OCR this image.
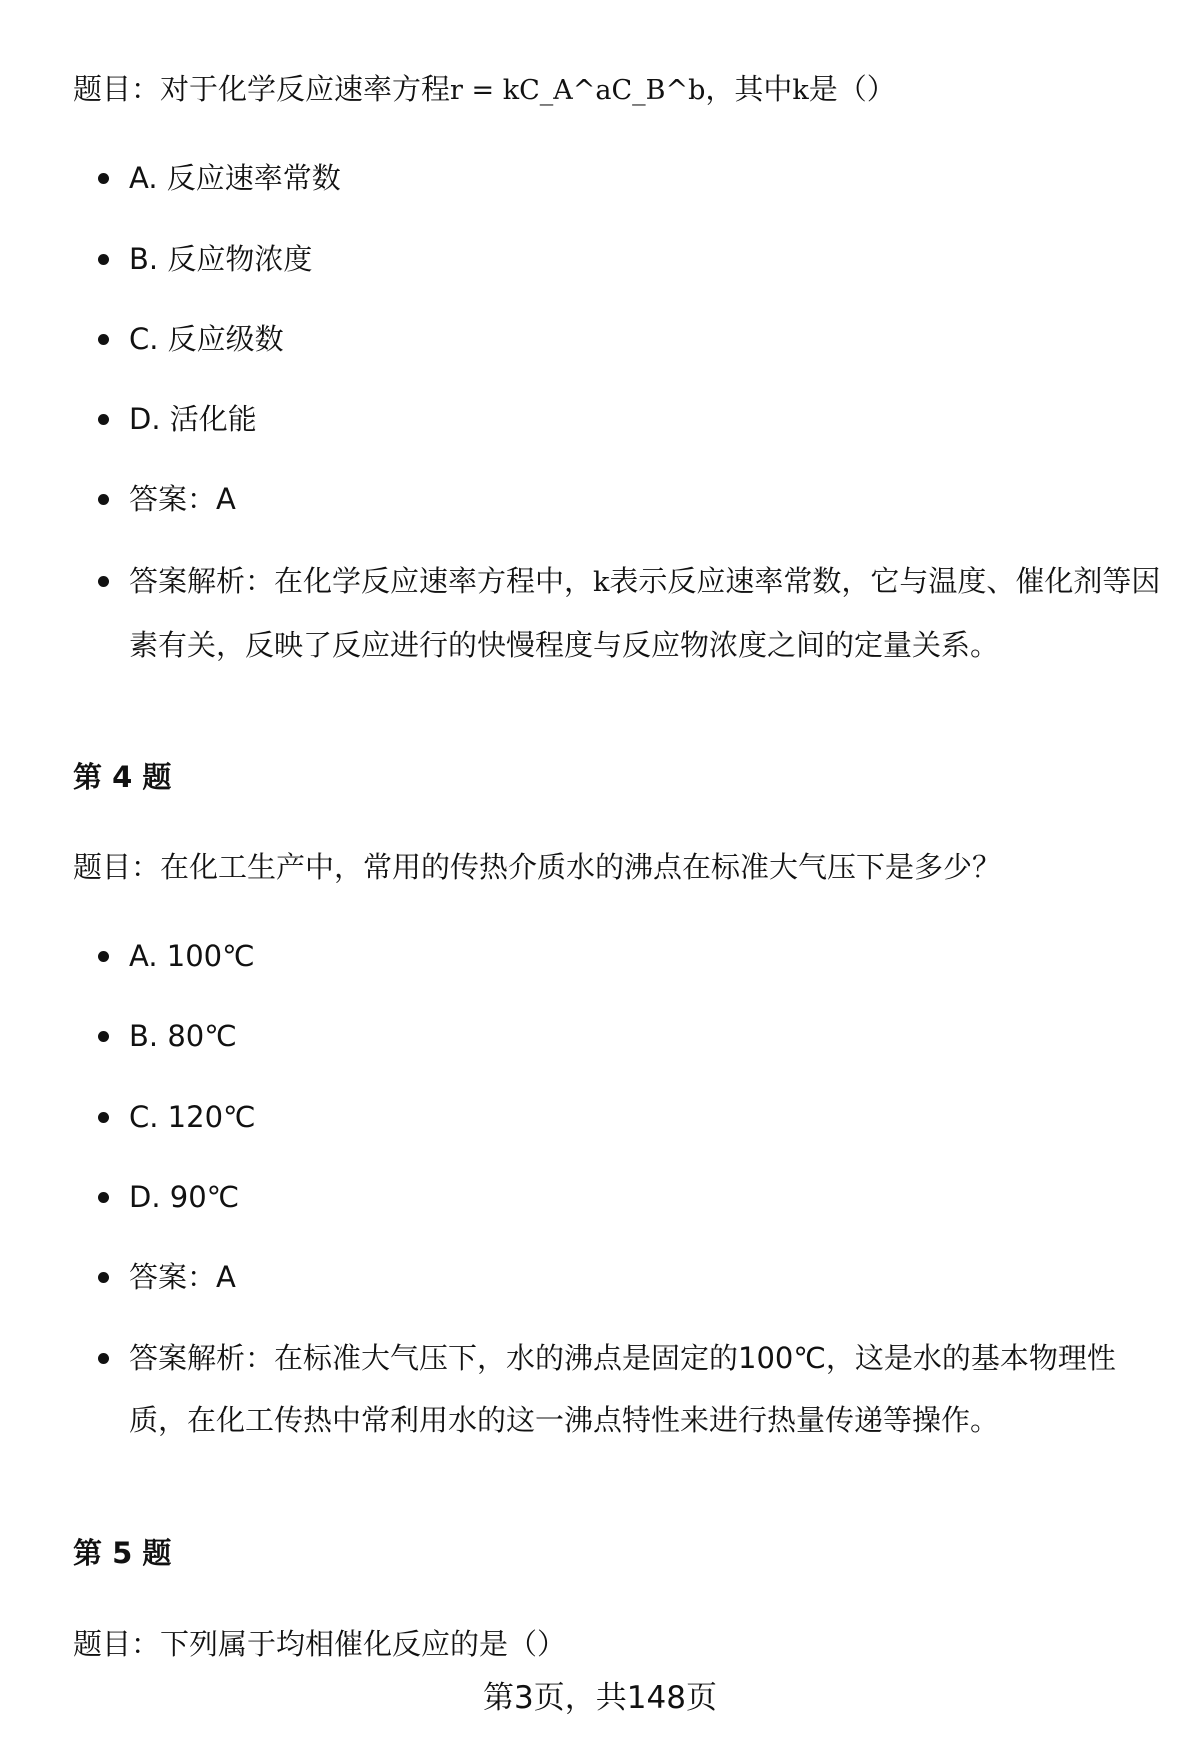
题目：对于化学反应速率方程r = kC_A^aC_B^b，其中k是（）
A. 反应速率常数
B. 反应物浓度
C. 反应级数
D. 活化能
答案：A
答案解析：在化学反应速率方程中，k表示反应速率常数，它与温度、催化剂等因素有关，反映了反应进行的快慢程度与反应物浓度之间的定量关系。
第 4 题
题目：在化工生产中，常用的传热介质水的沸点在标准大气压下是多少？
A. 100℃
B. 80℃
C. 120℃
D. 90℃
答案：A
答案解析：在标准大气压下，水的沸点是固定的100℃，这是水的基本物理性质，在化工传热中常利用水的这一沸点特性来进行热量传递等操作。
第 5 题
题目：下列属于均相催化反应的是（）
第3页，共148页
